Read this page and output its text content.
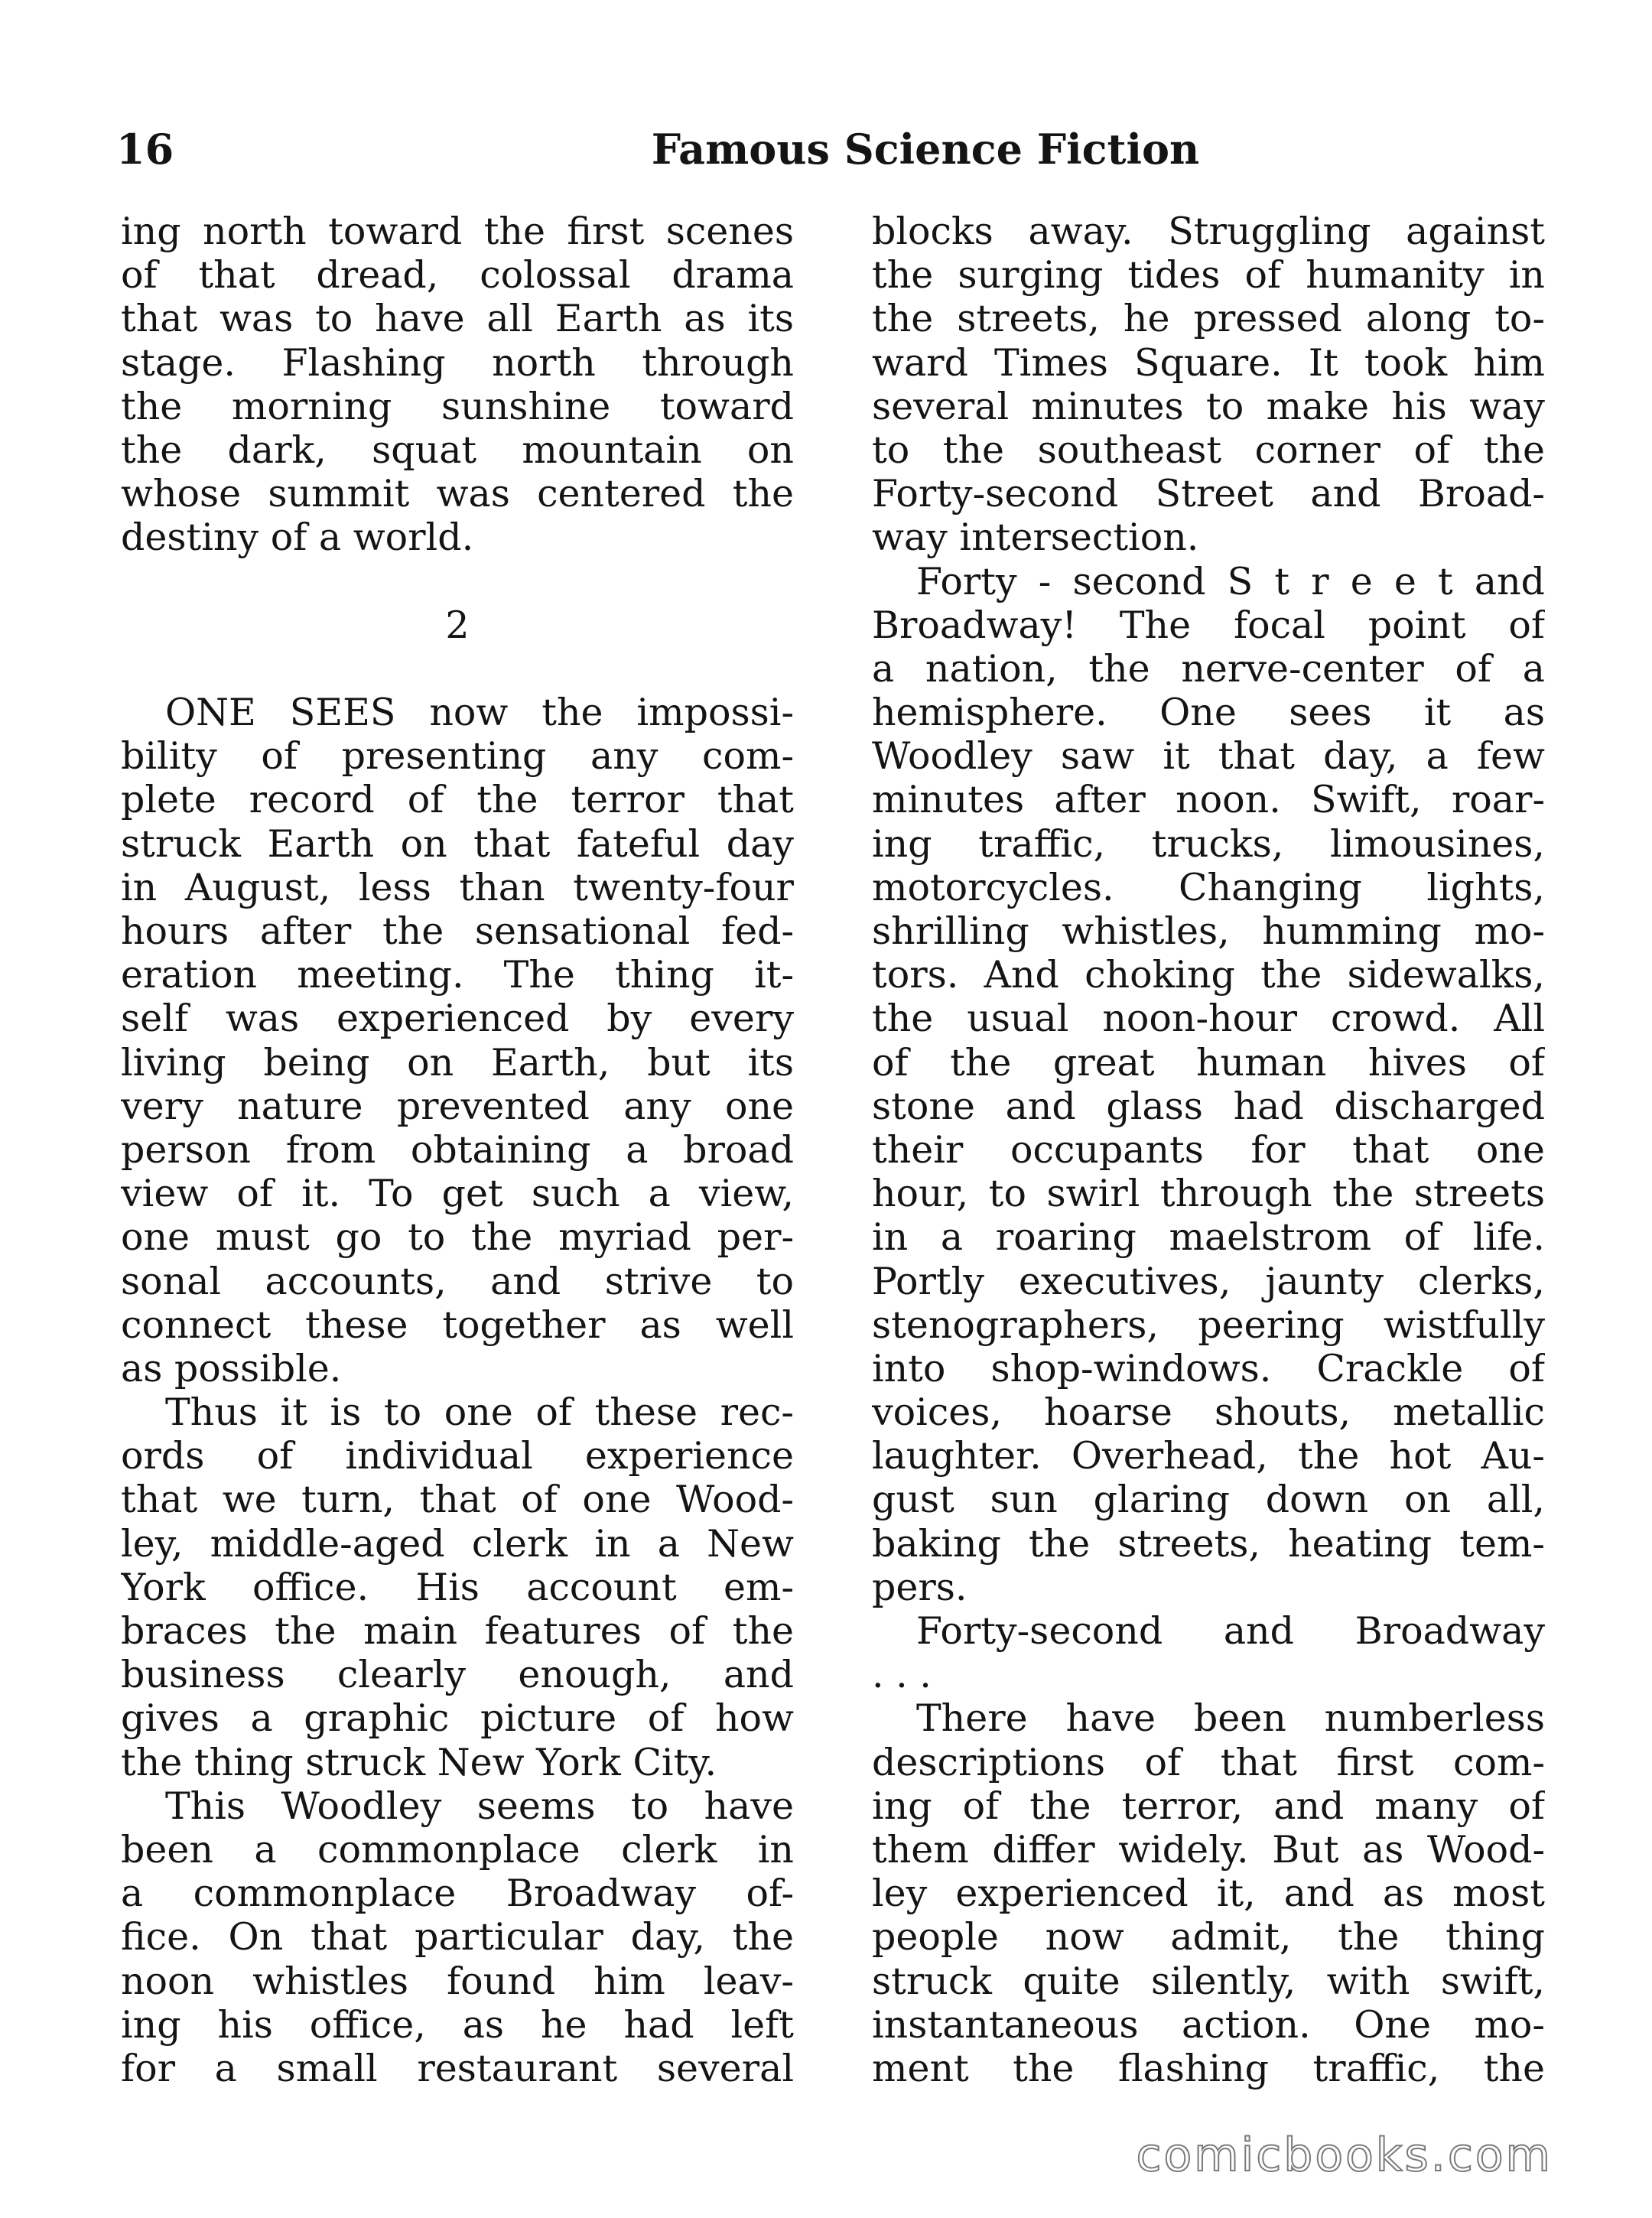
16	Famous Science Fiction
ing north toward the first scenes
of that dread, colossal drama
that was to have all Earth as its
stage. Flashing north through
the morning sunshine toward
the dark, squat mountain on
whose summit was centered the
destiny of a world.
2
ONE SEES now the impossi-
bility of presenting any com-
plete record of the terror that
struck Earth on that fateful day
in August, less than twenty-four
hours after the sensational fed-
eration meeting. The thing it-
self was experienced by every
living being on Earth, but its
very nature prevented any one
person from obtaining a broad
view of it. To get such a view,
one must go to the myriad per-
sonal accounts, and strive to
connect these together as well
as possible.
Thus it is to one of these rec-
ords of individual experience
that we turn, that of one Wood-
ley, middle-aged clerk in a New
York office. His account em-
braces the main features of the
business clearly enough, and
gives a graphic picture of how
the thing struck New York City.
This Woodley seems to have
been a commonplace clerk in
a commonplace Broadway of-
fice. On that particular day, the
noon whistles found him leav-
ing his office, as he had left
for a small restaurant several
blocks away. Struggling against
the surging tides of humanity in
the streets, he pressed along to-
ward Times Square. It took him
several minutes to make his way
to the southeast corner of the
Forty-second Street and Broad-
way intersection.
Forty - second S t r e e t and
Broadway! The focal point of
a nation, the nerve-center of a
hemisphere. One sees it as
Woodley saw it that day, a few
minutes after noon. Swift, roar-
ing traffic, trucks, limousines,
motorcycles. Changing lights,
shrilling whistles, humming mo-
tors. And choking the sidewalks,
the usual noon-hour crowd. All
of the great human hives of
stone and glass had discharged
their occupants for that one
hour, to swirl through the streets
in a roaring maelstrom of life.
Portly executives, jaunty clerks,
stenographers, peering wistfully
into shop-windows. Crackle of
voices, hoarse shouts, metallic
laughter. Overhead, the hot Au-
gust sun glaring down on all,
baking the streets, heating tem-
pers.
Forty-second and Broadway
. . .
There have been numberless
descriptions of that first com-
ing of the terror, and many of
them differ widely. But as Wood-
ley experienced it, and as most
people now admit, the thing
struck quite silently, with swift,
instantaneous action. One mo-
ment the flashing traffic, the
comicbooks.com
